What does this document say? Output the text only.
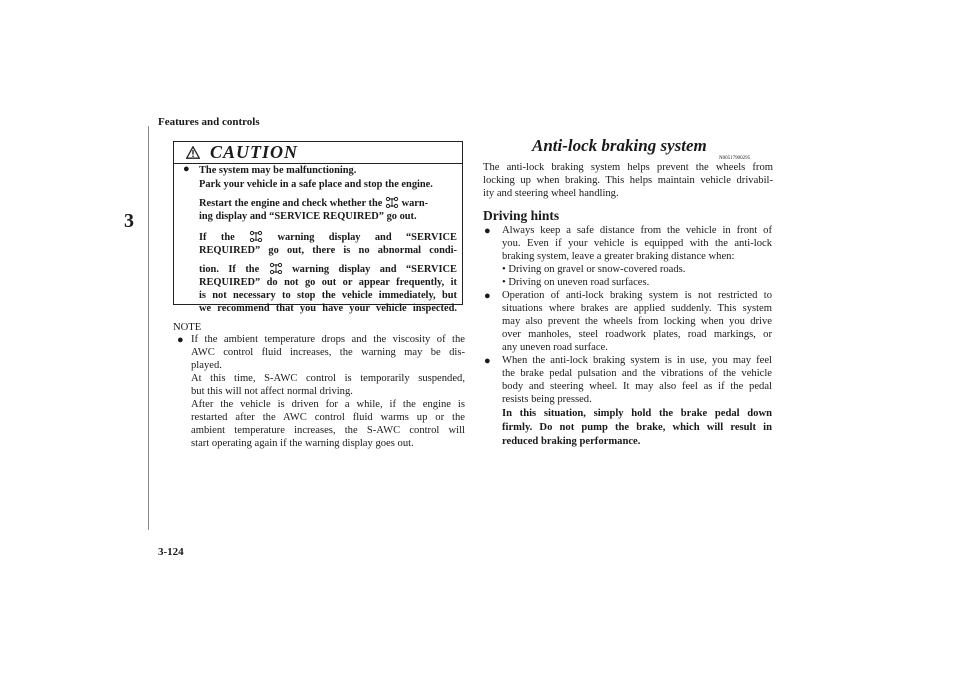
Features and controls
3
3-124
CAUTION
● The system may be malfunctioning.
Park your vehicle in a safe place and stop the engine.
Restart the engine and check whether the warn-
ing display and “SERVICE REQUIRED” go out.
If the	warning display and “SERVICE
REQUIRED” go out, there is no abnormal condi-
tion. If the	warning display and “SERVICE
REQUIRED” do not go out or appear frequently, it
is not necessary to stop the vehicle immediately, but
we recommend that you have your vehicle inspected.
NOTE
● If the ambient temperature drops and the viscosity of the
AWC control fluid increases, the warning may be dis-
played.
At this time, S-AWC control is temporarily suspended,
but this will not affect normal driving.
After the vehicle is driven for a while, if the engine is
restarted after the AWC control fluid warms up or the
ambient temperature increases, the S-AWC control will
start operating again if the warning display goes out.
Anti-lock braking system
N00517900295
The anti-lock braking system helps prevent the wheels from
locking up when braking. This helps maintain vehicle drivabil-
ity and steering wheel handling.
Driving hints
● Always keep a safe distance from the vehicle in front of
you. Even if your vehicle is equipped with the anti-lock
braking system, leave a greater braking distance when:
• Driving on gravel or snow-covered roads.
• Driving on uneven road surfaces.
● Operation of anti-lock braking system is not restricted to
situations where brakes are applied suddenly. This system
may also prevent the wheels from locking when you drive
over manholes, steel roadwork plates, road markings, or
any uneven road surface.
● When the anti-lock braking system is in use, you may feel
the brake pedal pulsation and the vibrations of the vehicle
body and steering wheel. It may also feel as if the pedal
resists being pressed.
In this situation, simply hold the brake pedal down
firmly. Do not pump the brake, which will result in
reduced braking performance.
